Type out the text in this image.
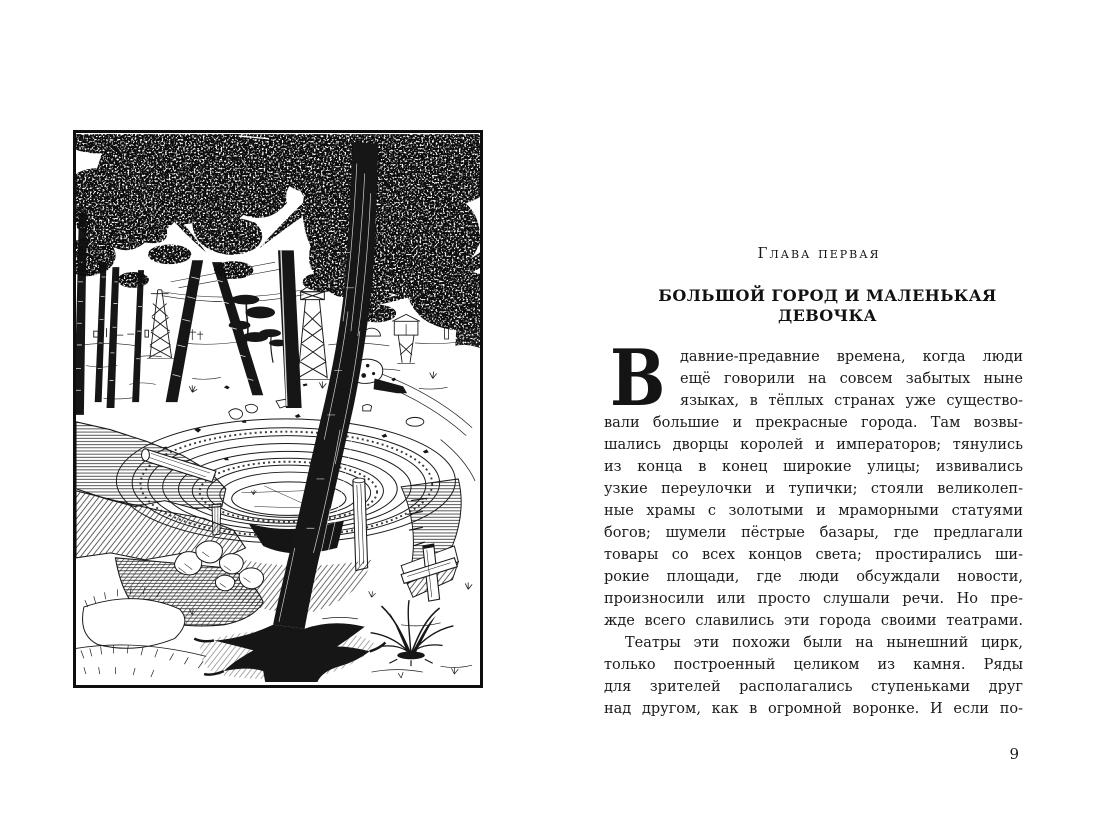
Глава первая
БОЛЬШОЙ ГОРОД И МАЛЕНЬКАЯ ДЕВОЧКА
В	давние-предавние времена, когда люди
ещё говорили на совсем забытых ныне
языках, в тёплых странах уже существо-
вали большие и прекрасные города. Там возвы-
шались дворцы королей и императоров; тянулись
из конца в конец широкие улицы; извивались
узкие переулочки и тупички; стояли великолеп-
ные храмы с золотыми и мраморными статуями
богов; шумели пёстрые базары, где предлагали
товары со всех концов света; простирались ши-
рокие площади, где люди обсуждали новости,
произносили или просто слушали речи. Но пре-
жде всего славились эти города своими театрами.
Театры эти похожи были на нынешний цирк,
только построенный целиком из камня. Ряды
для зрителей располагались ступеньками друг
над другом, как в огромной воронке. И если по-
9
